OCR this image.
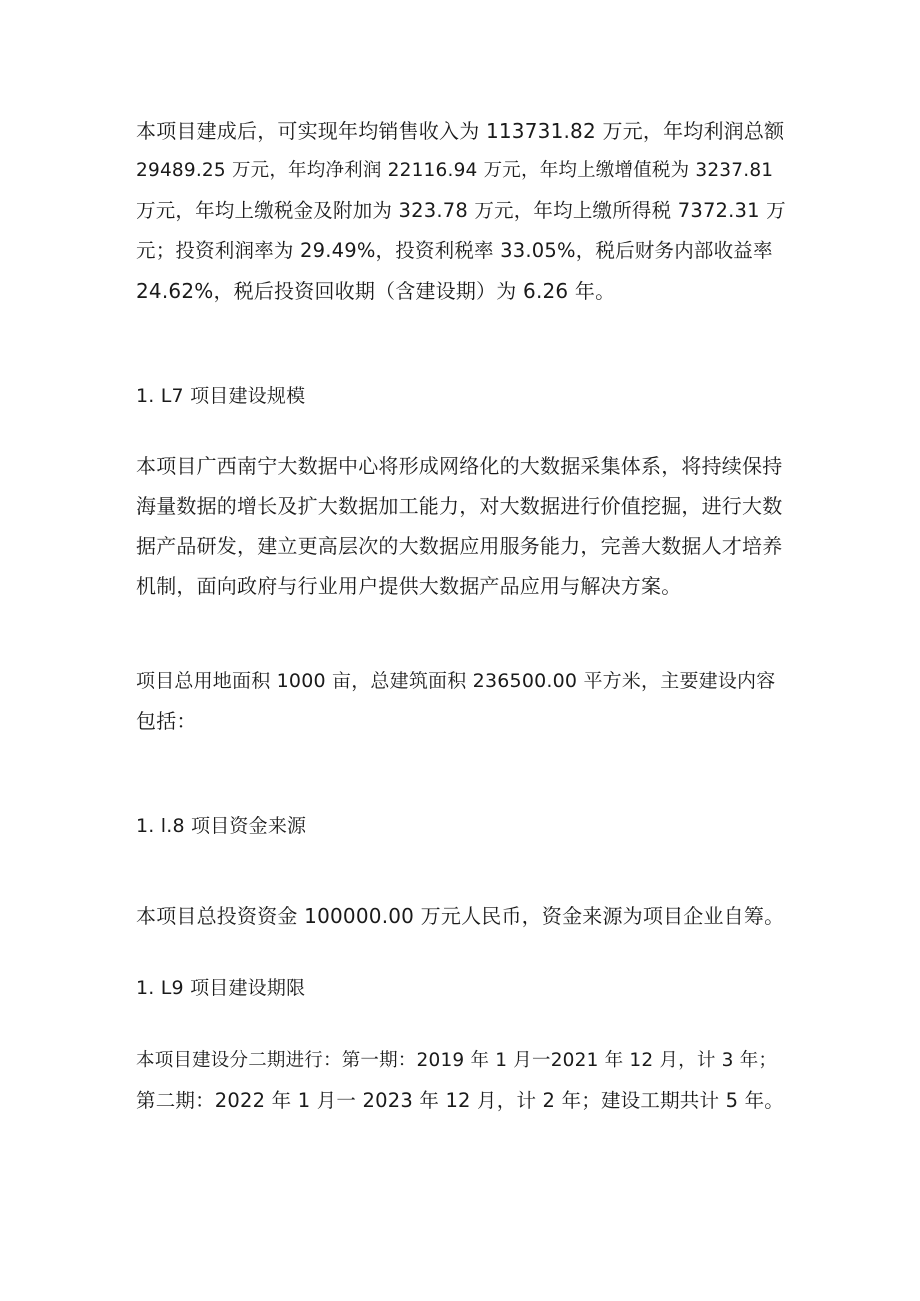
本项目建成后，可实现年均销售收入为 113731.82 万元，年均利润总额
29489.25 万元，年均净利润 22116.94 万元，年均上缴增值税为 3237.81
万元，年均上缴税金及附加为 323.78 万元，年均上缴所得税 7372.31 万
元；投资利润率为 29.49%，投资利税率 33.05%，税后财务内部收益率
24.62%，税后投资回收期（含建设期）为 6.26 年。

1. L7 项目建设规模

本项目广西南宁大数据中心将形成网络化的大数据采集体系，将持续保持
海量数据的增长及扩大数据加工能力，对大数据进行价值挖掘，进行大数
据产品研发，建立更高层次的大数据应用服务能力，完善大数据人才培养
机制，面向政府与行业用户提供大数据产品应用与解决方案。

项目总用地面积 1000 亩，总建筑面积 236500.00 平方米，主要建设内容
包括：

1. l.8 项目资金来源

本项目总投资资金 100000.00 万元人民币，资金来源为项目企业自筹。

1. L9 项目建设期限

本项目建设分二期进行：第一期：2019 年 1 月一2021 年 12 月，计 3 年；
第二期：2022 年 1 月一 2023 年 12 月，计 2 年；建设工期共计 5 年。
